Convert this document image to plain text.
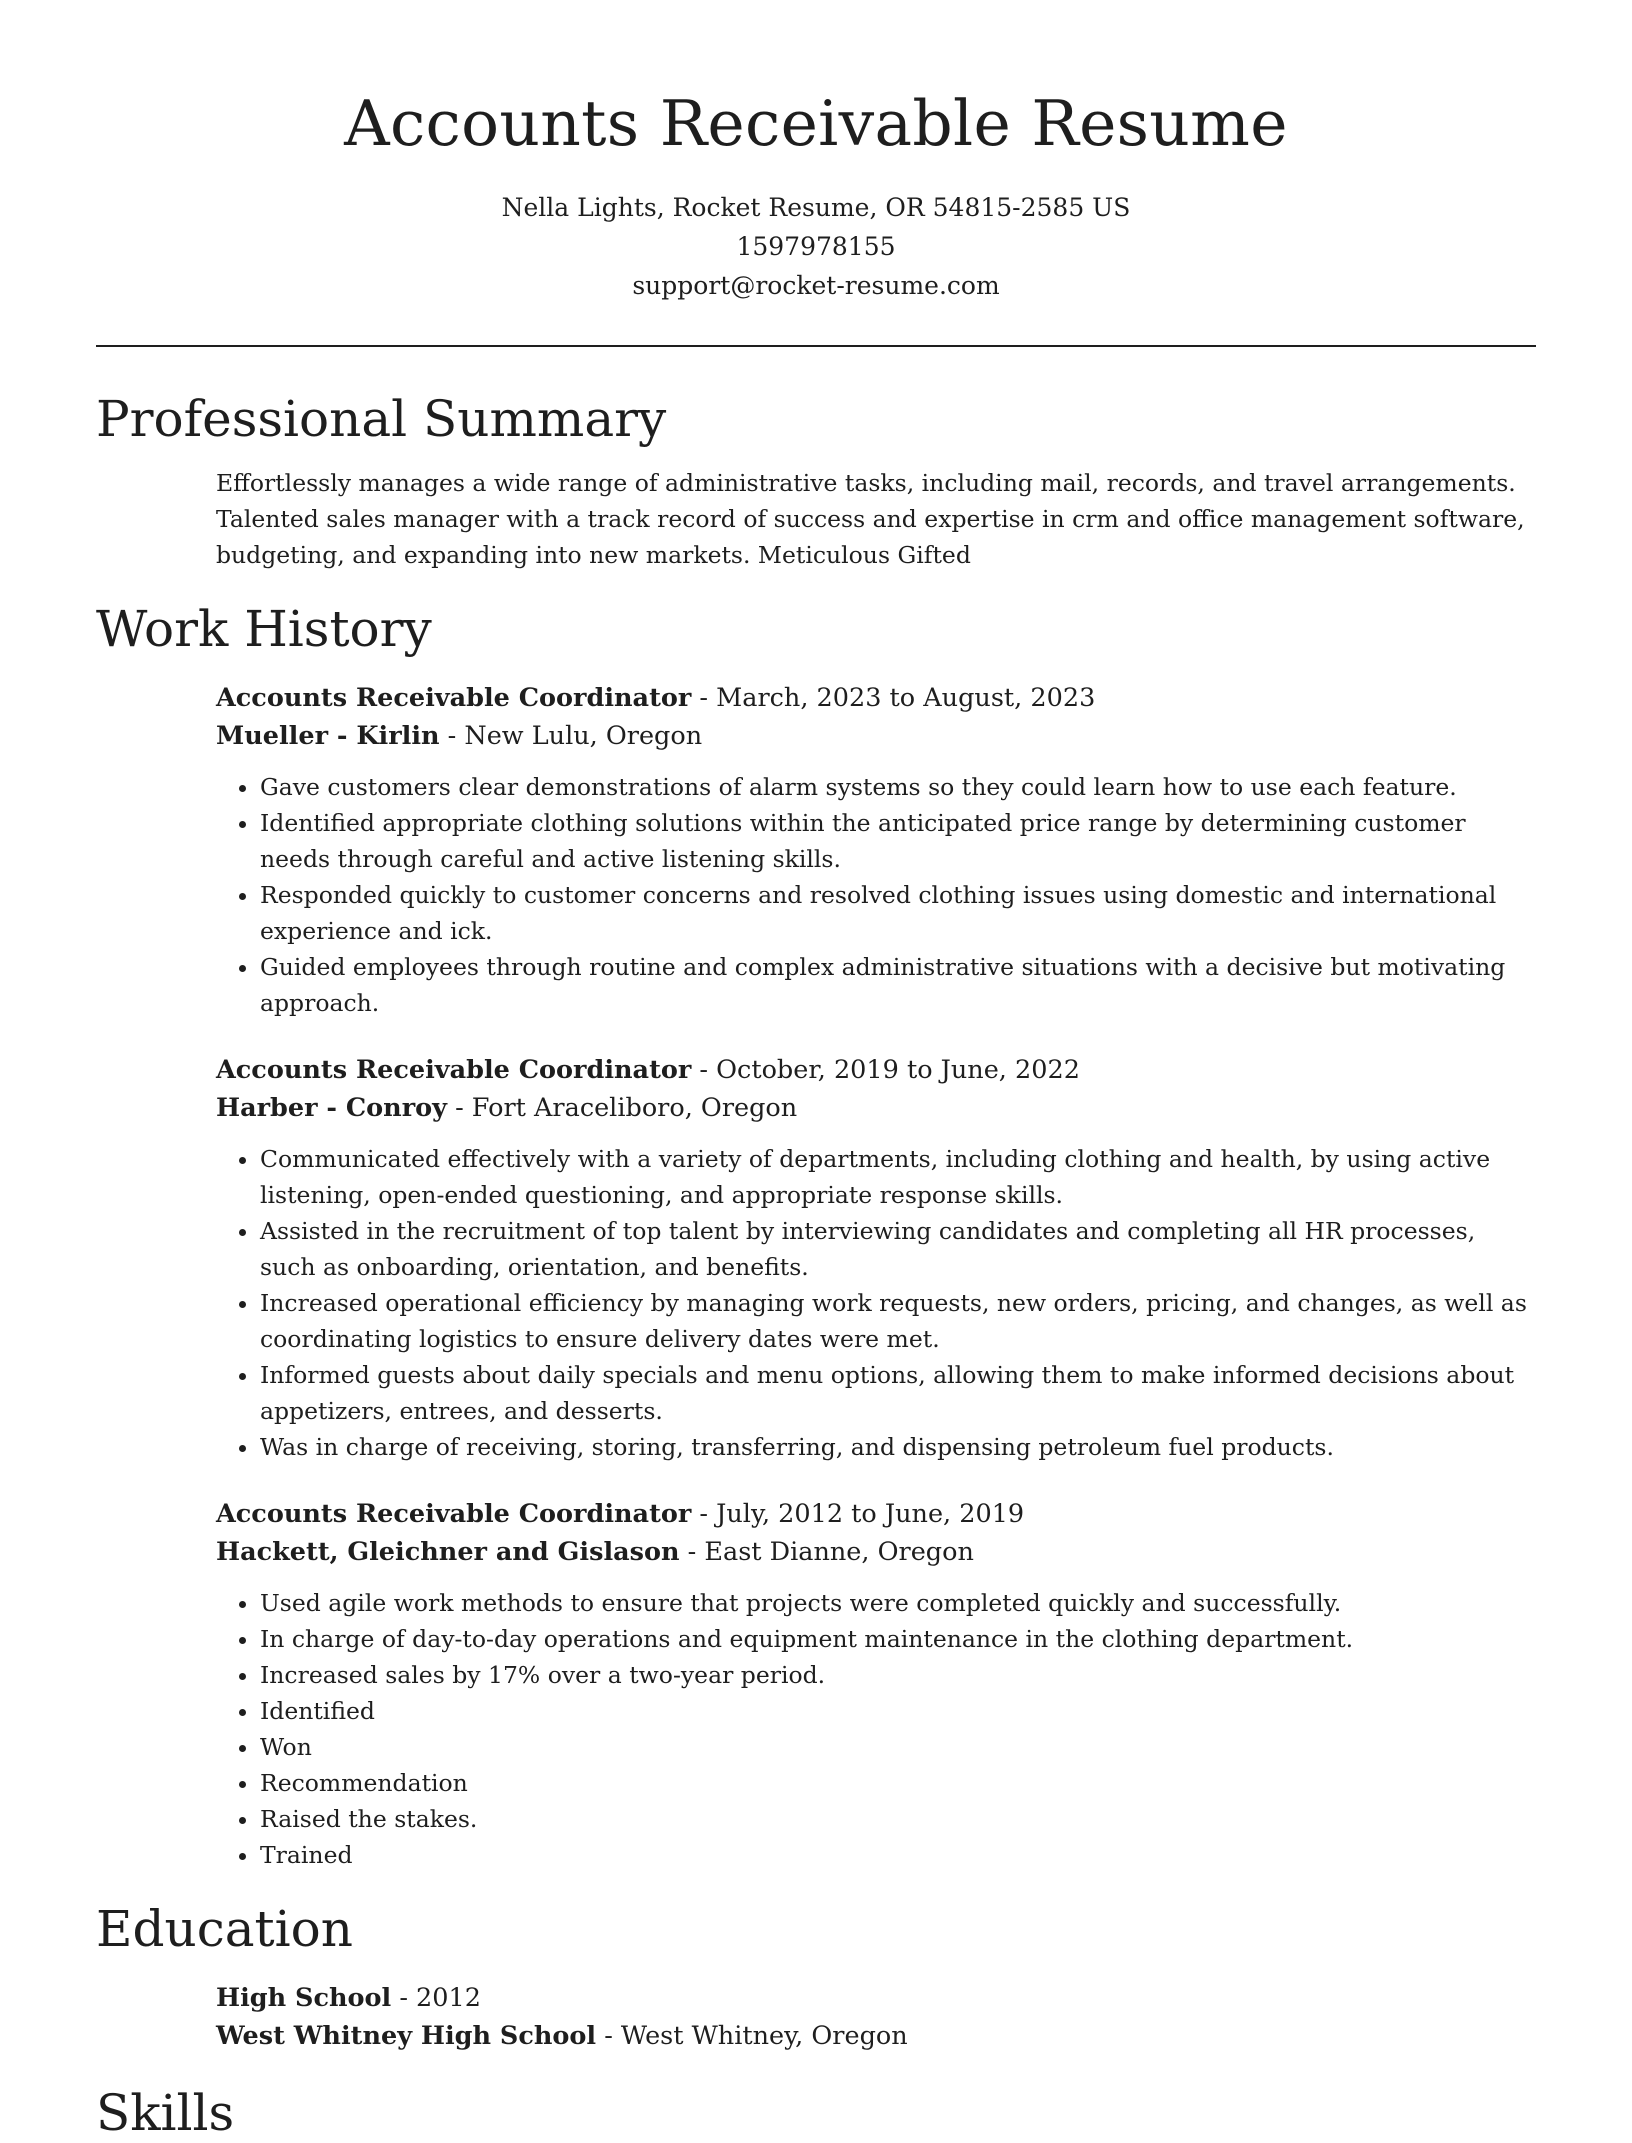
Accounts Receivable Resume
Nella Lights, Rocket Resume, OR 54815-2585 US
1597978155
support@rocket-resume.com
Professional Summary
Effortlessly manages a wide range of administrative tasks, including mail, records, and travel arrangements. Talented sales manager with a track record of success and expertise in crm and office management software, budgeting, and expanding into new markets. Meticulous Gifted
Work History
Accounts Receivable Coordinator - March, 2023 to August, 2023
Mueller - Kirlin - New Lulu, Oregon
• Gave customers clear demonstrations of alarm systems so they could learn how to use each feature.
• Identified appropriate clothing solutions within the anticipated price range by determining customer needs through careful and active listening skills.
• Responded quickly to customer concerns and resolved clothing issues using domestic and international experience and ick.
• Guided employees through routine and complex administrative situations with a decisive but motivating approach.
Accounts Receivable Coordinator - October, 2019 to June, 2022
Harber - Conroy - Fort Araceliboro, Oregon
• Communicated effectively with a variety of departments, including clothing and health, by using active listening, open-ended questioning, and appropriate response skills.
• Assisted in the recruitment of top talent by interviewing candidates and completing all HR processes, such as onboarding, orientation, and benefits.
• Increased operational efficiency by managing work requests, new orders, pricing, and changes, as well as coordinating logistics to ensure delivery dates were met.
• Informed guests about daily specials and menu options, allowing them to make informed decisions about appetizers, entrees, and desserts.
• Was in charge of receiving, storing, transferring, and dispensing petroleum fuel products.
Accounts Receivable Coordinator - July, 2012 to June, 2019
Hackett, Gleichner and Gislason - East Dianne, Oregon
• Used agile work methods to ensure that projects were completed quickly and successfully.
• In charge of day-to-day operations and equipment maintenance in the clothing department.
• Increased sales by 17% over a two-year period.
• Identified
• Won
• Recommendation
• Raised the stakes.
• Trained
Education
High School - 2012
West Whitney High School - West Whitney, Oregon
Skills
